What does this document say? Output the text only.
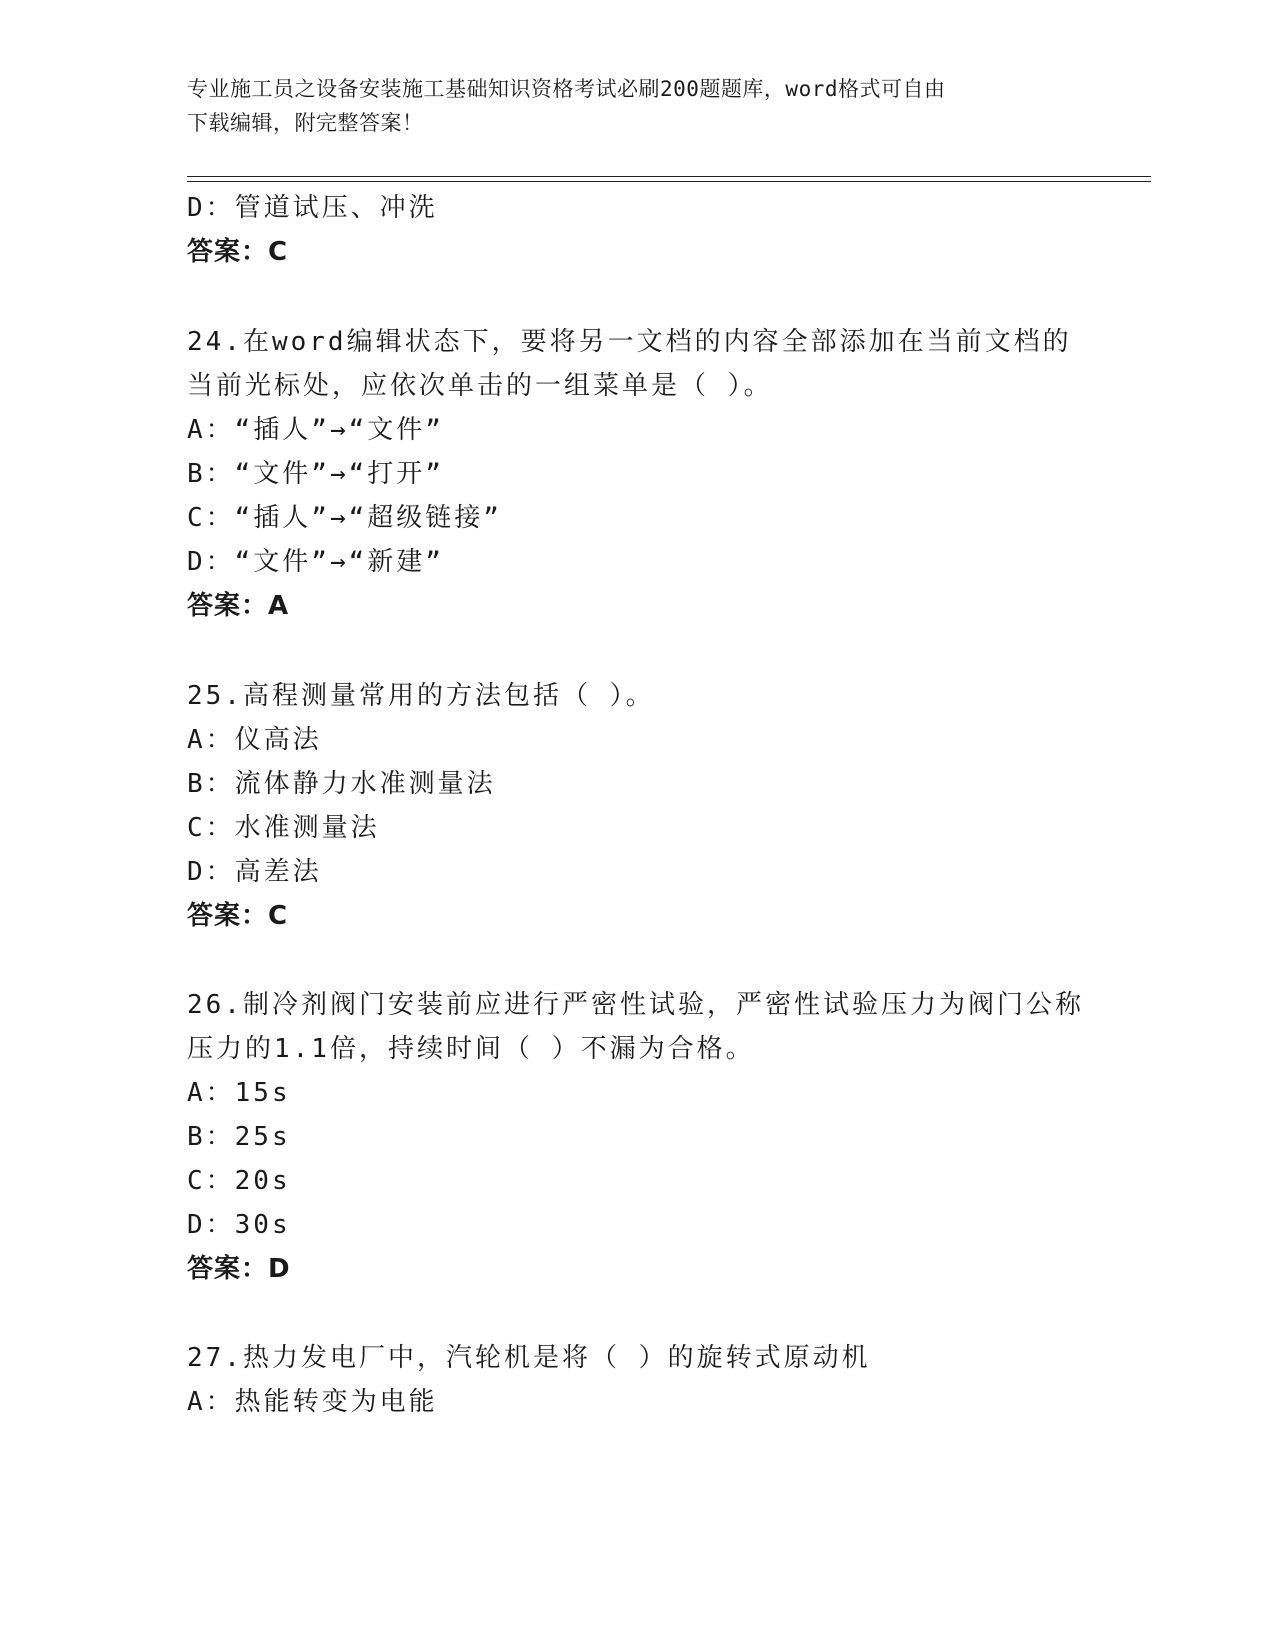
专业施工员之设备安装施工基础知识资格考试必刷200题题库，word格式可自由
下载编辑，附完整答案！
D：管道试压、冲洗
答案：C
24.在word编辑状态下，要将另一文档的内容全部添加在当前文档的
当前光标处，应依次单击的一组菜单是（ ）。
A：“插人”→“文件”
B：“文件”→“打开”
C：“插人”→“超级链接”
D：“文件”→“新建”
答案：A
25.高程测量常用的方法包括（ ）。
A：仪高法
B：流体静力水准测量法
C：水准测量法
D：高差法
答案：C
26.制冷剂阀门安装前应进行严密性试验，严密性试验压力为阀门公称
压力的1.1倍，持续时间（ ）不漏为合格。
A：15s
B：25s
C：20s
D：30s
答案：D
27.热力发电厂中，汽轮机是将（ ）的旋转式原动机
A：热能转变为电能
